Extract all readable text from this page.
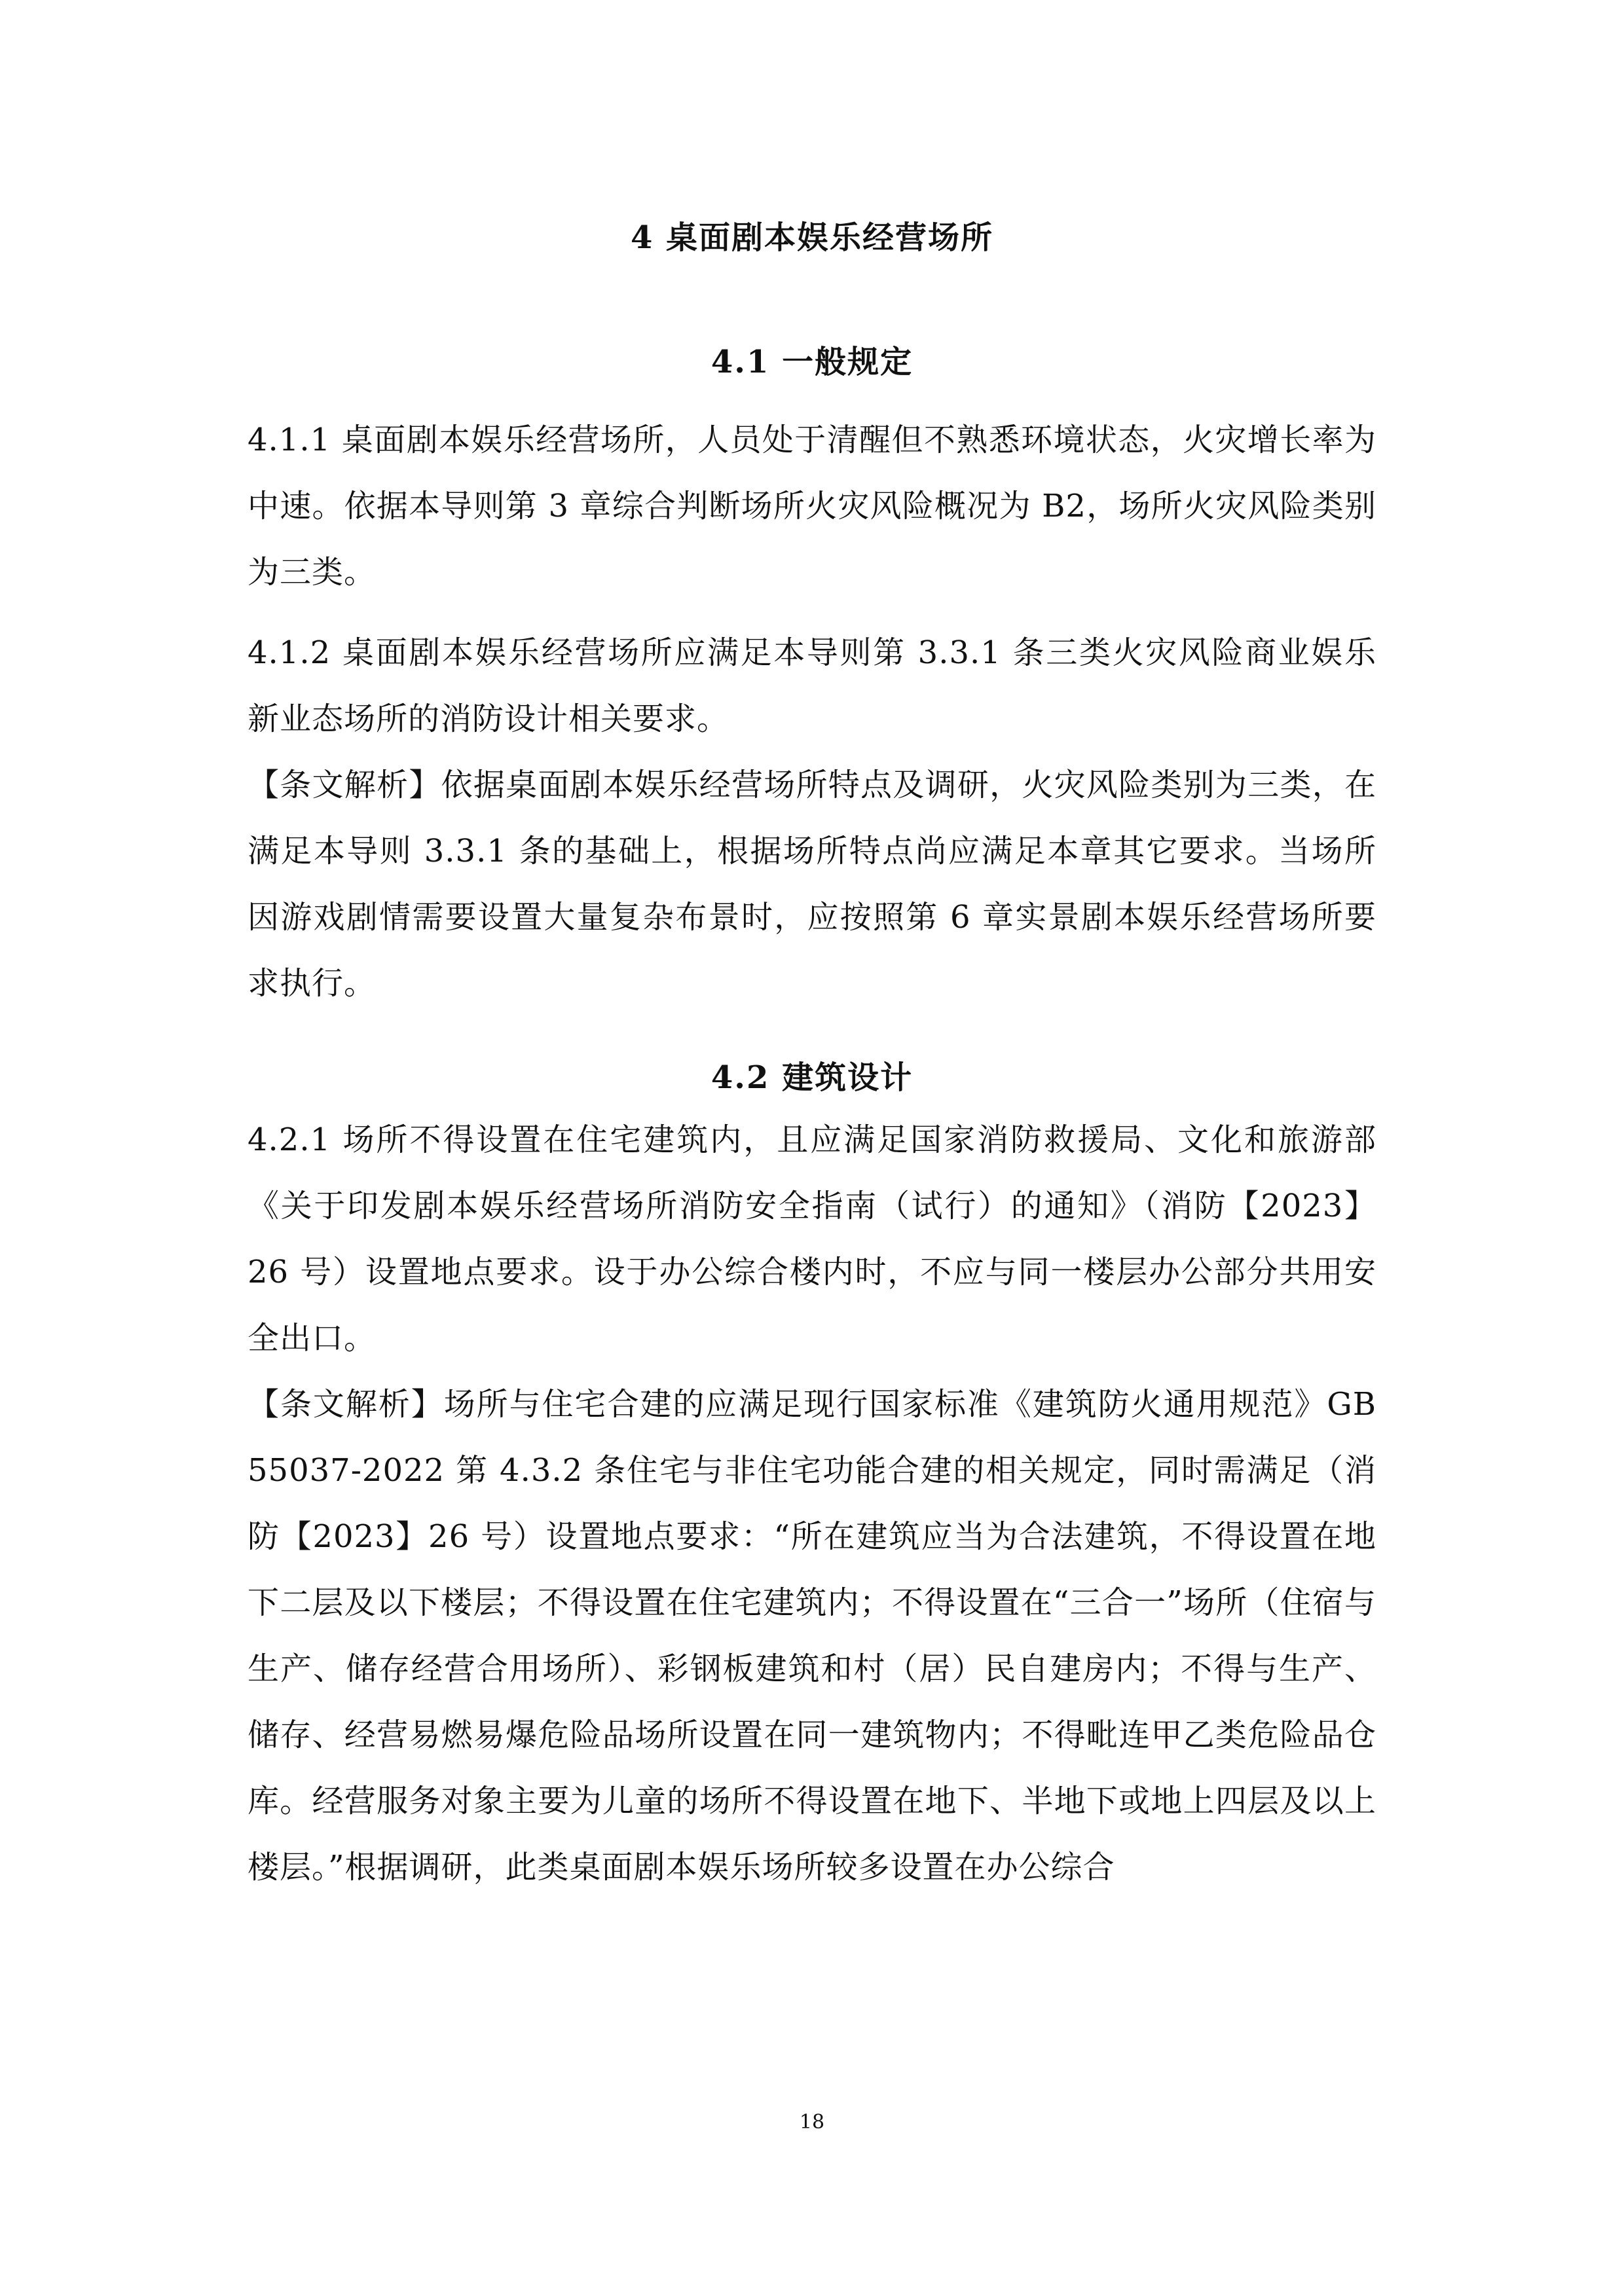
4 桌面剧本娱乐经营场所
4.1 一般规定

4.1.1 桌面剧本娱乐经营场所，人员处于清醒但不熟悉环境状态，火灾增长率为中速。依据本导则第 3 章综合判断场所火灾风险概况为 B2，场所火灾风险类别为三类。

4.1.2 桌面剧本娱乐经营场所应满足本导则第 3.3.1 条三类火灾风险商业娱乐新业态场所的消防设计相关要求。

【条文解析】依据桌面剧本娱乐经营场所特点及调研，火灾风险类别为三类，在满足本导则 3.3.1 条的基础上，根据场所特点尚应满足本章其它要求。当场所因游戏剧情需要设置大量复杂布景时，应按照第 6 章实景剧本娱乐经营场所要求执行。

4.2 建筑设计

4.2.1 场所不得设置在住宅建筑内，且应满足国家消防救援局、文化和旅游部《关于印发剧本娱乐经营场所消防安全指南（试行）的通知》（消防【2023】26 号）设置地点要求。设于办公综合楼内时，不应与同一楼层办公部分共用安全出口。

【条文解析】场所与住宅合建的应满足现行国家标准《建筑防火通用规范》GB 55037-2022 第 4.3.2 条住宅与非住宅功能合建的相关规定，同时需满足（消防【2023】26 号）设置地点要求：“所在建筑应当为合法建筑，不得设置在地下二层及以下楼层；不得设置在住宅建筑内；不得设置在“三合一”场所（住宿与生产、储存经营合用场所）、彩钢板建筑和村（居）民自建房内；不得与生产、储存、经营易燃易爆危险品场所设置在同一建筑物内；不得毗连甲乙类危险品仓库。经营服务对象主要为儿童的场所不得设置在地下、半地下或地上四层及以上楼层。”根据调研，此类桌面剧本娱乐场所较多设置在办公综合

18
